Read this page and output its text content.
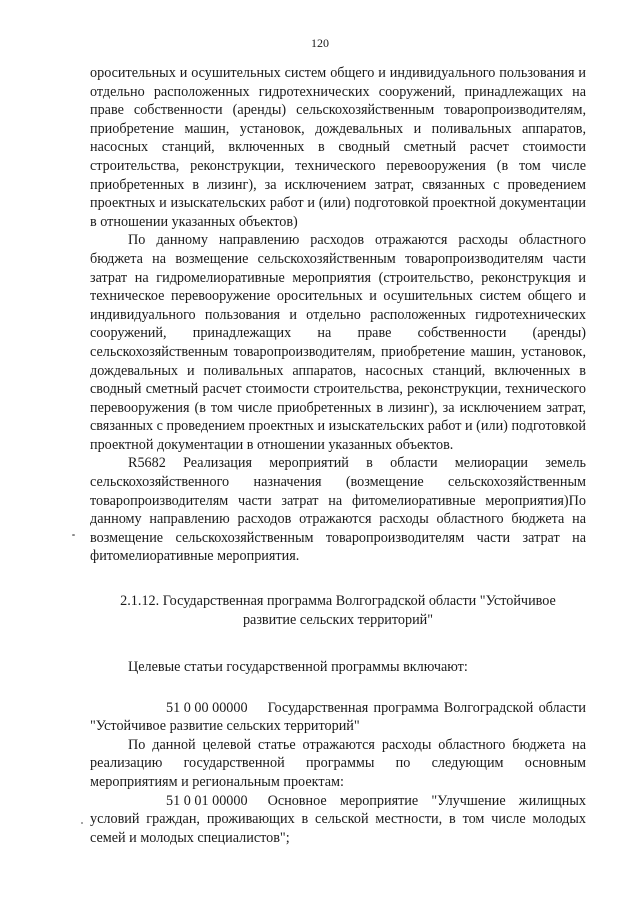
120

оросительных и осушительных систем общего и индивидуального пользования и отдельно расположенных гидротехнических сооружений, принадлежащих на праве собственности (аренды) сельскохозяйственным товаропроизводителям, приобретение машин, установок, дождевальных и поливальных аппаратов, насосных станций, включенных в сводный сметный расчет стоимости строительства, реконструкции, технического перевооружения (в том числе приобретенных в лизинг), за исключением затрат, связанных с проведением проектных и изыскательских работ и (или) подготовкой проектной документации в отношении указанных объектов)

По данному направлению расходов отражаются расходы областного бюджета на возмещение сельскохозяйственным товаропроизводителям части затрат на гидромелиоративные мероприятия (строительство, реконструкция и техническое перевооружение оросительных и осушительных систем общего и индивидуального пользования и отдельно расположенных гидротехнических сооружений, принадлежащих на праве собственности (аренды) сельскохозяйственным товаропроизводителям, приобретение машин, установок, дождевальных и поливальных аппаратов, насосных станций, включенных в сводный сметный расчет стоимости строительства, реконструкции, технического перевооружения (в том числе приобретенных в лизинг), за исключением затрат, связанных с проведением проектных и изыскательских работ и (или) подготовкой проектной документации в отношении указанных объектов.

R5682 Реализация мероприятий в области мелиорации земель сельскохозяйственного назначения (возмещение сельскохозяйственным товаропроизводителям части затрат на фитомелиоративные мероприятия)По данному направлению расходов отражаются расходы областного бюджета на возмещение сельскохозяйственным товаропроизводителям части затрат на фитомелиоративные мероприятия.

2.1.12. Государственная программа Волгоградской области "Устойчивое
развитие сельских территорий"

Целевые статьи государственной программы включают:

51 0 00 00000 Государственная программа Волгоградской области "Устойчивое развитие сельских территорий"

По данной целевой статье отражаются расходы областного бюджета на реализацию государственной программы по следующим основным мероприятиям и региональным проектам:

51 0 01 00000 Основное мероприятие "Улучшение жилищных условий граждан, проживающих в сельской местности, в том числе молодых семей и молодых специалистов";
